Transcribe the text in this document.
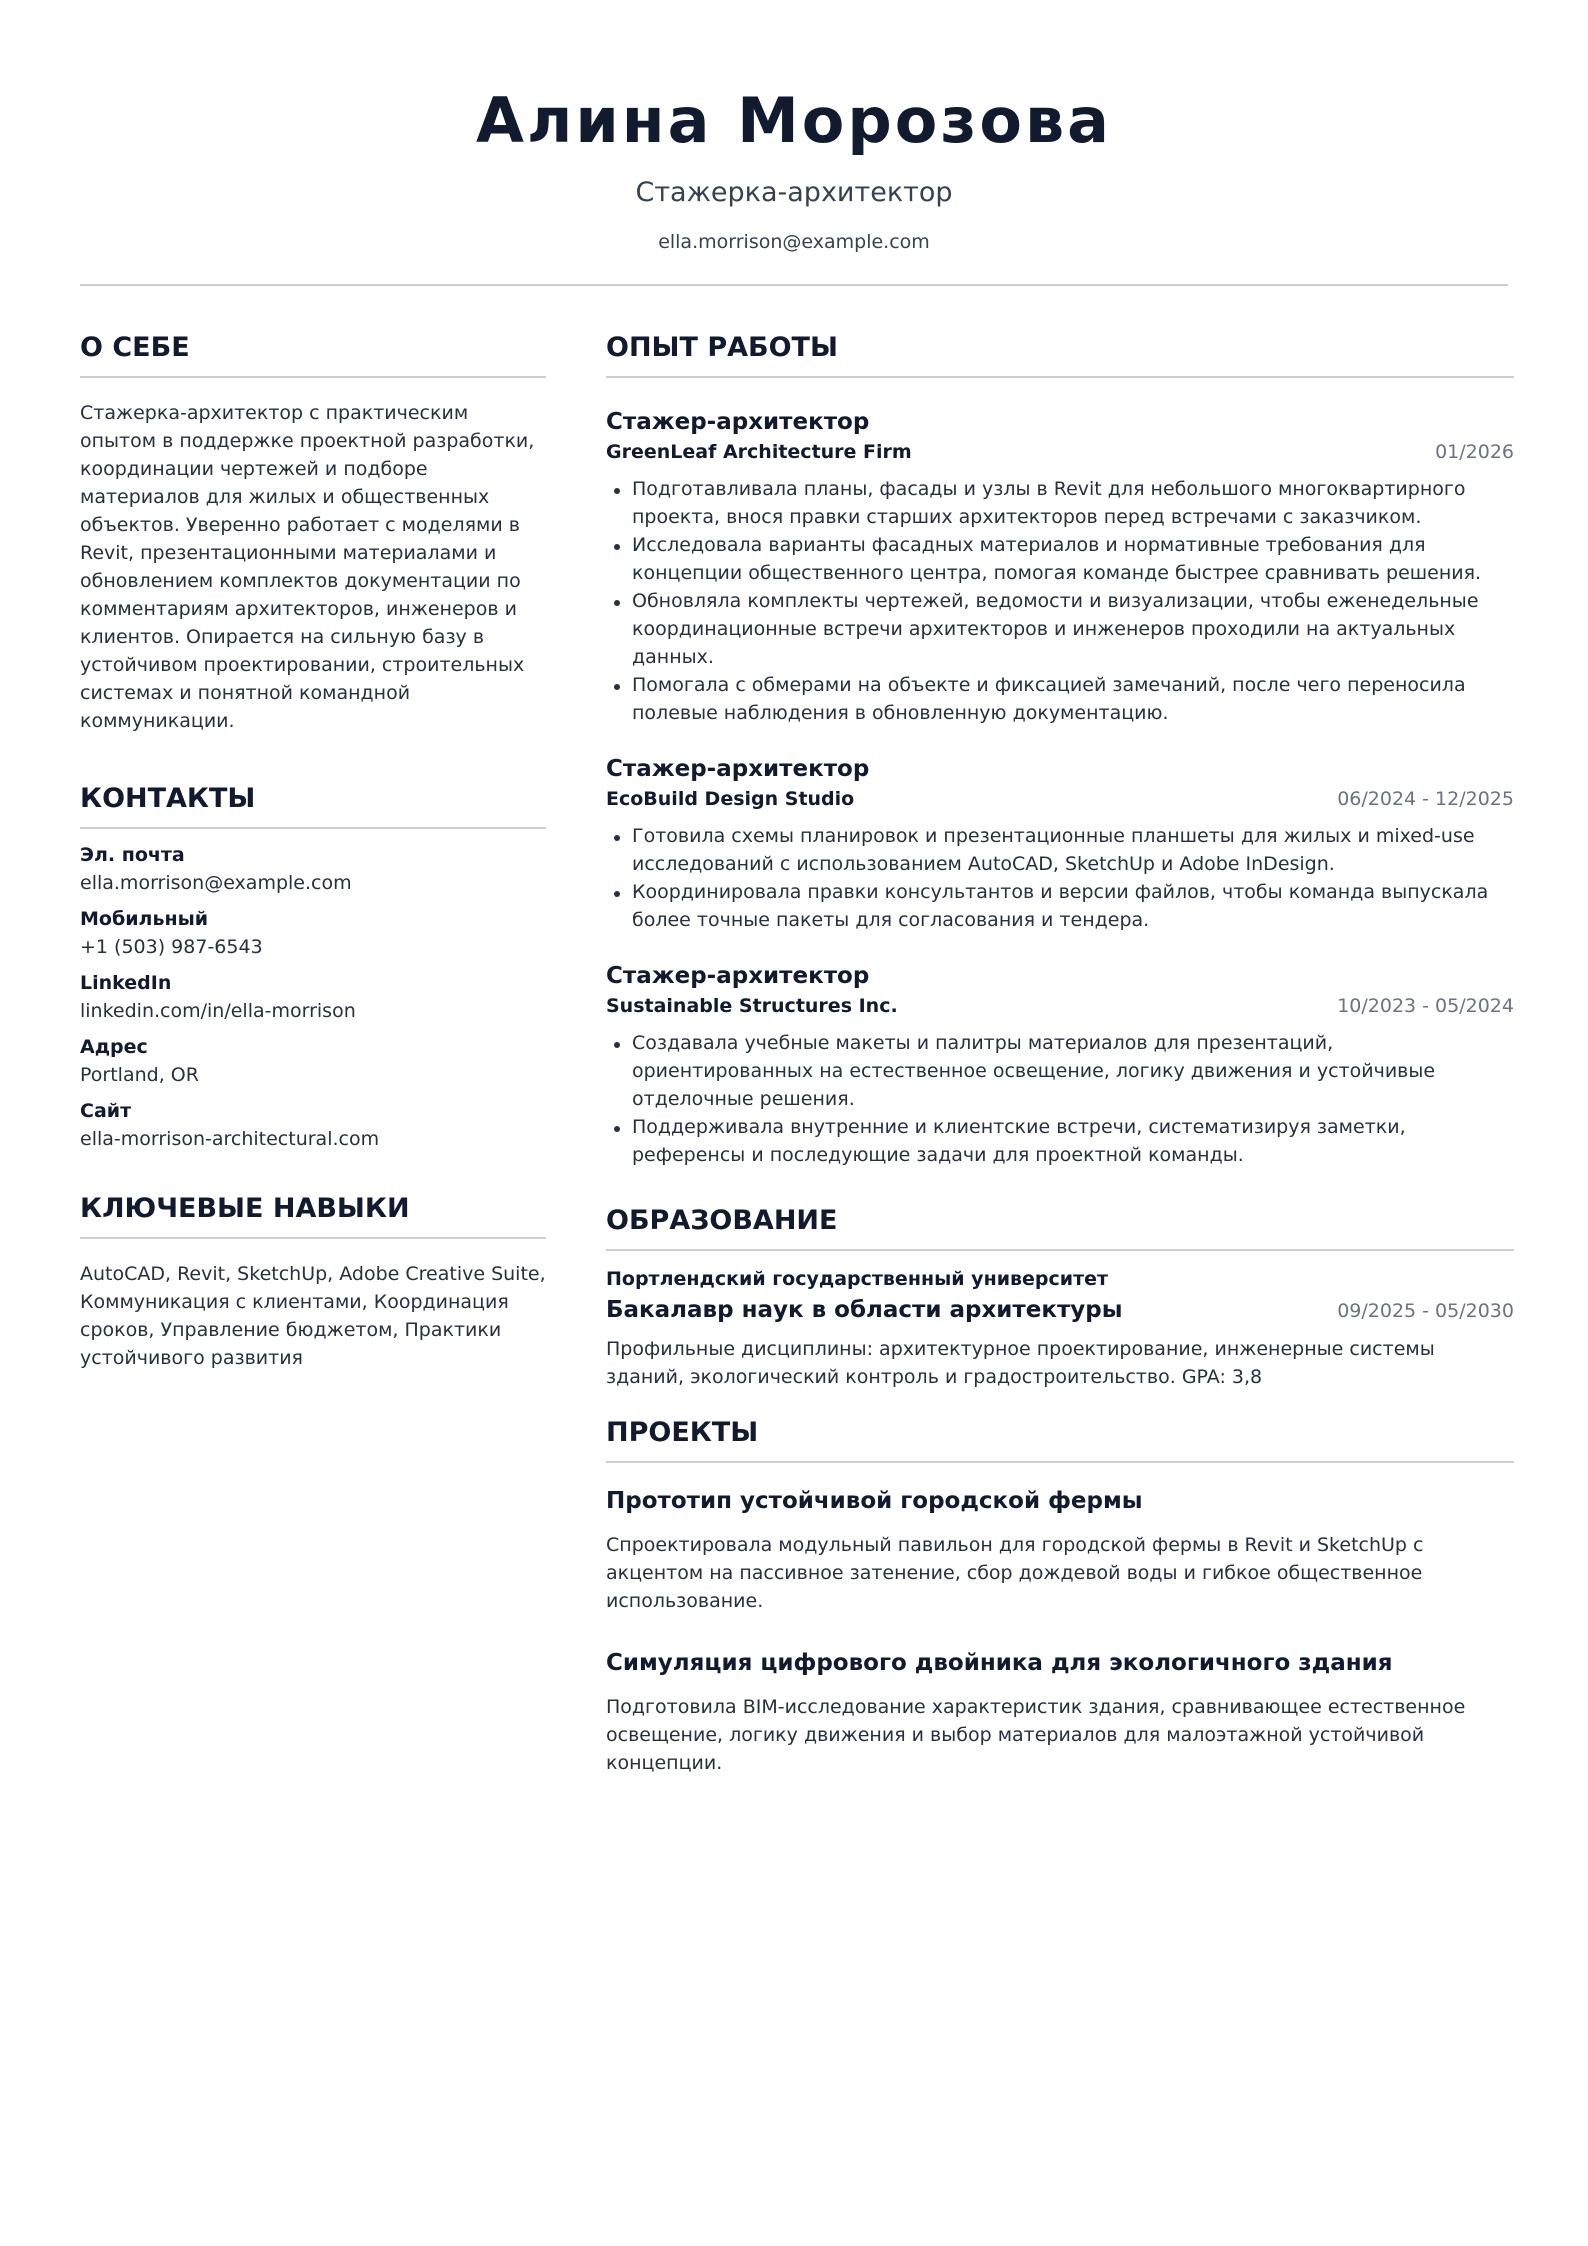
Алина Морозова
Стажерка-архитектор
ella.morrison@example.com
О СЕБЕ
Стажерка-архитектор с практическим опытом в поддержке проектной разработки, координации чертежей и подборе материалов для жилых и общественных объектов. Уверенно работает с моделями в Revit, презентационными материалами и обновлением комплектов документации по комментариям архитекторов, инженеров и клиентов. Опирается на сильную базу в устойчивом проектировании, строительных системах и понятной командной коммуникации.
КОНТАКТЫ
Эл. почта
ella.morrison@example.com
Мобильный
+1 (503) 987-6543
LinkedIn
linkedin.com/in/ella-morrison
Адрес
Portland, OR
Сайт
ella-morrison-architectural.com
КЛЮЧЕВЫЕ НАВЫКИ
AutoCAD, Revit, SketchUp, Adobe Creative Suite, Коммуникация с клиентами, Координация сроков, Управление бюджетом, Практики устойчивого развития
ОПЫТ РАБОТЫ
Стажер-архитектор
GreenLeaf Architecture Firm	01/2026
Подготавливала планы, фасады и узлы в Revit для небольшого многоквартирного проекта, внося правки старших архитекторов перед встречами с заказчиком.
Исследовала варианты фасадных материалов и нормативные требования для концепции общественного центра, помогая команде быстрее сравнивать решения.
Обновляла комплекты чертежей, ведомости и визуализации, чтобы еженедельные координационные встречи архитекторов и инженеров проходили на актуальных данных.
Помогала с обмерами на объекте и фиксацией замечаний, после чего переносила полевые наблюдения в обновленную документацию.
Стажер-архитектор
EcoBuild Design Studio	06/2024 - 12/2025
Готовила схемы планировок и презентационные планшеты для жилых и mixed-use исследований с использованием AutoCAD, SketchUp и Adobe InDesign.
Координировала правки консультантов и версии файлов, чтобы команда выпускала более точные пакеты для согласования и тендера.
Стажер-архитектор
Sustainable Structures Inc.	10/2023 - 05/2024
Создавала учебные макеты и палитры материалов для презентаций, ориентированных на естественное освещение, логику движения и устойчивые отделочные решения.
Поддерживала внутренние и клиентские встречи, систематизируя заметки, референсы и последующие задачи для проектной команды.
ОБРАЗОВАНИЕ
Портлендский государственный университет
Бакалавр наук в области архитектуры	09/2025 - 05/2030
Профильные дисциплины: архитектурное проектирование, инженерные системы зданий, экологический контроль и градостроительство. GPA: 3,8
ПРОЕКТЫ
Прототип устойчивой городской фермы
Спроектировала модульный павильон для городской фермы в Revit и SketchUp с акцентом на пассивное затенение, сбор дождевой воды и гибкое общественное использование.
Симуляция цифрового двойника для экологичного здания
Подготовила BIM-исследование характеристик здания, сравнивающее естественное освещение, логику движения и выбор материалов для малоэтажной устойчивой концепции.
